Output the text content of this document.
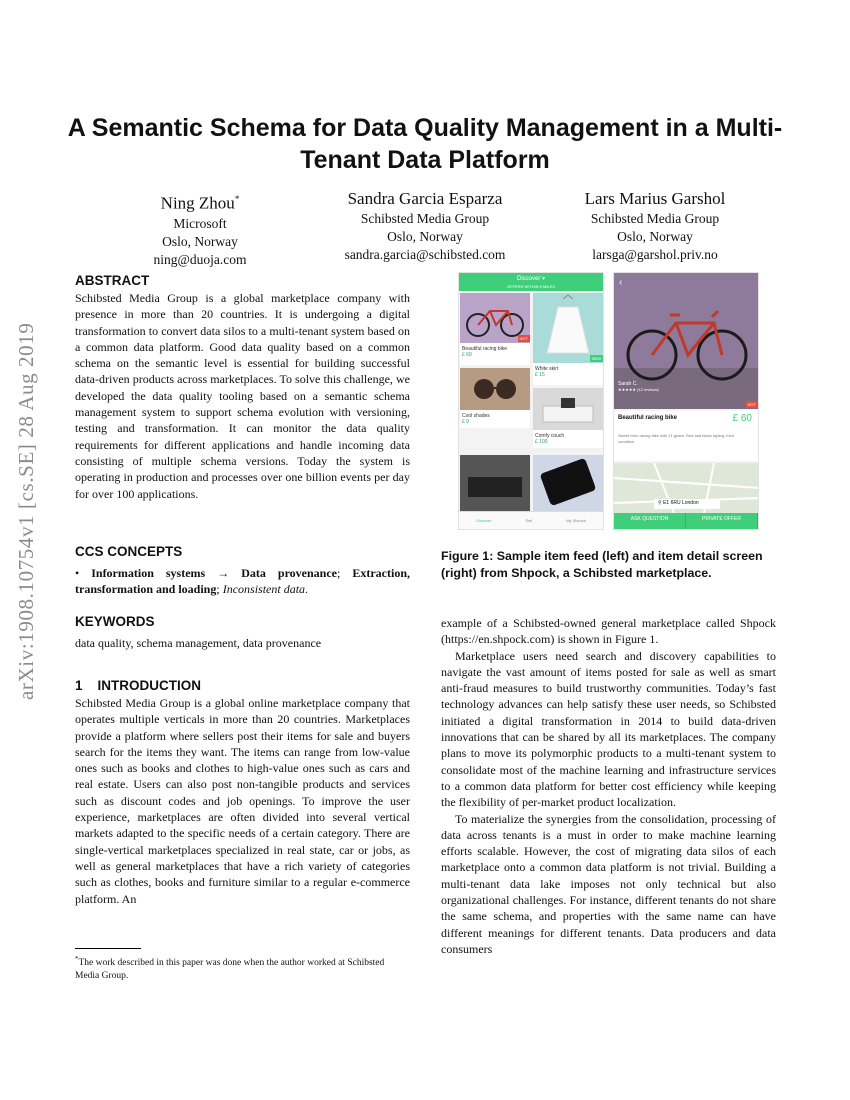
arXiv:1908.10754v1 [cs.SE] 28 Aug 2019
A Semantic Schema for Data Quality Management in a Multi-Tenant Data Platform
Ning Zhou*
Microsoft
Oslo, Norway
ning@duoja.com
Sandra Garcia Esparza
Schibsted Media Group
Oslo, Norway
sandra.garcia@schibsted.com
Lars Marius Garshol
Schibsted Media Group
Oslo, Norway
larsga@garshol.priv.no
ABSTRACT

Schibsted Media Group is a global marketplace company with presence in more than 20 countries. It is undergoing a digital transformation to convert data silos to a multi-tenant system based on a common data platform. Good data quality based on a common schema on the semantic level is essential for building successful data-driven products across marketplaces. To solve this challenge, we developed the data quality tooling based on a semantic schema management system to support schema evolution with versioning, testing and transformation. It can monitor the data quality requirements for different applications and handle incoming data consisting of multiple schema versions. Today the system is operating in production and processes over one billion events per day for over 100 applications.

CCS CONCEPTS

• Information systems → Data provenance; Extraction, transformation and loading; Inconsistent data.

KEYWORDS

data quality, schema management, data provenance

1    INTRODUCTION

Schibsted Media Group is a global online marketplace company that operates multiple verticals in more than 20 countries. Marketplaces provide a platform where sellers post their items for sale and buyers search for the items they want. The items can range from low-value ones such as books and clothes to high-value ones such as cars and real estate. Users can also post non-tangible products and services such as discount codes and job openings. To improve the user experience, marketplaces are often divided into several vertical markets adapted to the specific needs of a certain category. There are single-vertical marketplaces specialized in real state, car or jobs, as well as general marketplaces that have a rich variety of categories such as clothes, books and furniture similar to a regular e-commerce platform. An

*The work described in this paper was done when the author worked at Schibsted Media Group.
Discover ▾
OFFERS WITHIN 5 MILES
HOT
Beautiful racing bike
£ 60
NEW
White skirt
£ 15
Cool shades
£ 9
Comfy couch
£ 100
Discover	Sell	My Shpock
‹
HOT
Sarah C.
★★★★★ (12 reviews)
Beautiful racing bike	£ 60
Sweet retro racing bike with 21 gears. Red and black styling, mint condition.
⚲ E1 6RU London
ASK QUESTION	PRIVATE OFFER
Figure 1: Sample item feed (left) and item detail screen (right) from Shpock, a Schibsted marketplace.

example of a Schibsted-owned general marketplace called Shpock (https://en.shpock.com) is shown in Figure 1.

Marketplace users need search and discovery capabilities to navigate the vast amount of items posted for sale as well as smart anti-fraud measures to build trustworthy communities. Today’s fast technology advances can help satisfy these user needs, so Schibsted initiated a digital transformation in 2014 to build data-driven innovations that can be shared by all its marketplaces. The company plans to move its polymorphic products to a multi-tenant system to consolidate most of the machine learning and infrastructure services to a common data platform for better cost efficiency while keeping the flexibility of per-market product localization.

To materialize the synergies from the consolidation, processing of data across tenants is a must in order to make machine learning efforts scalable. However, the cost of migrating data silos of each marketplace onto a common data platform is not trivial. Building a multi-tenant data lake imposes not only technical but also organizational challenges. For instance, different tenants do not share the same schema, and properties with the same name can have different meanings for different tenants. Data producers and data consumers
